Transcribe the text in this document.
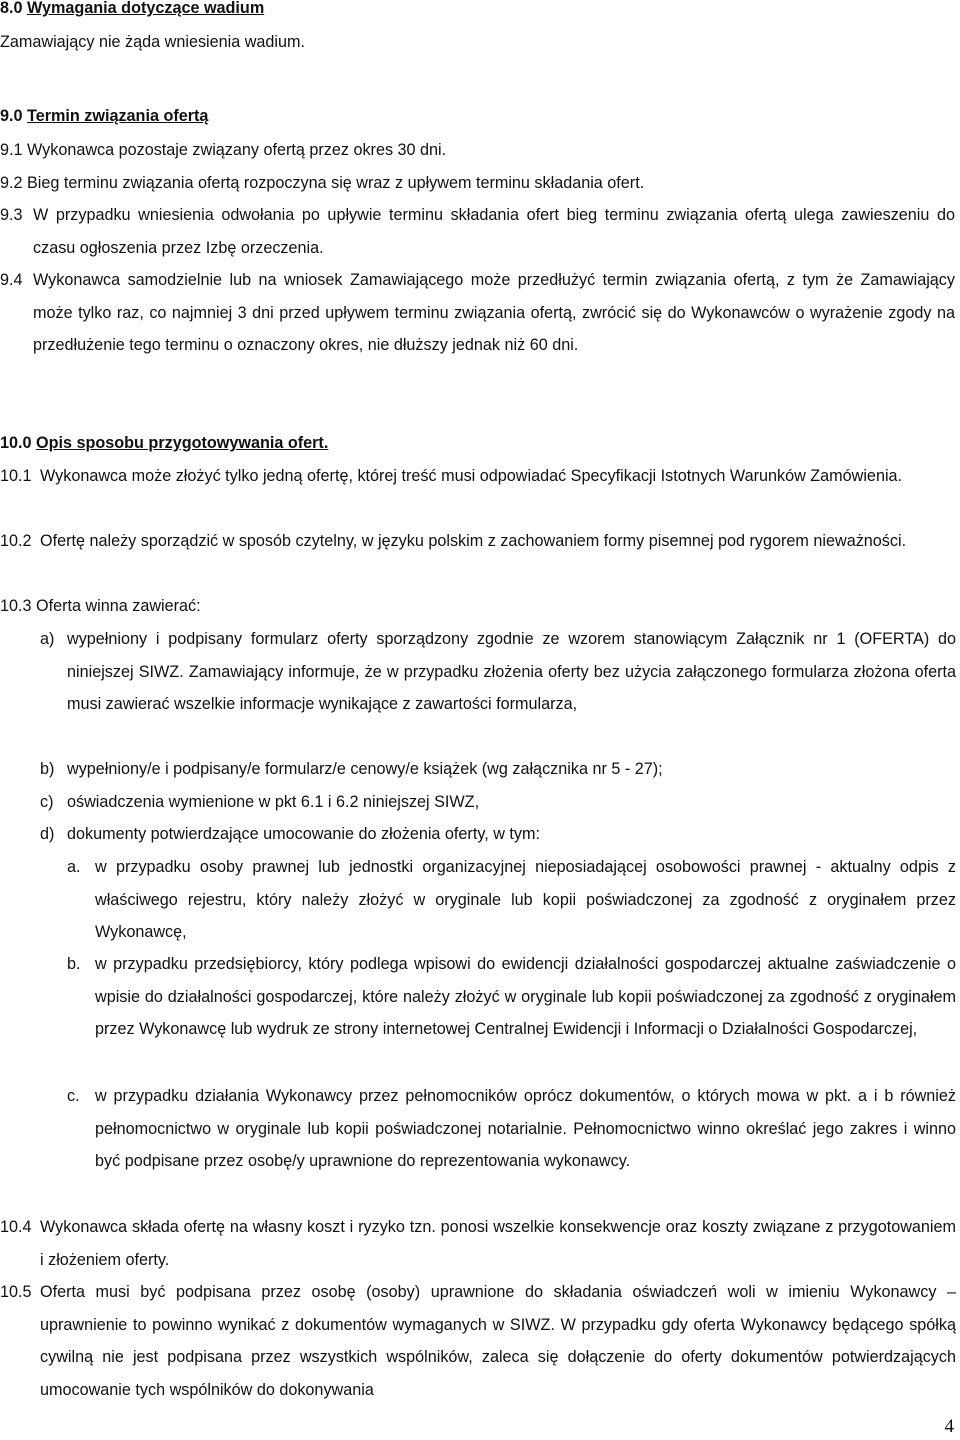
8.0 Wymagania dotyczące wadium
Zamawiający nie żąda wniesienia wadium.
9.0 Termin związania ofertą
9.1 Wykonawca pozostaje związany ofertą przez okres 30 dni.
9.2 Bieg terminu związania ofertą rozpoczyna się wraz z upływem terminu składania ofert.
9.3 W przypadku wniesienia odwołania po upływie terminu składania ofert bieg terminu związania ofertą ulega zawieszeniu do czasu ogłoszenia przez Izbę orzeczenia.
9.4 Wykonawca samodzielnie lub na wniosek Zamawiającego może przedłużyć termin związania ofertą, z tym że Zamawiający może tylko raz, co najmniej 3 dni przed upływem terminu związania ofertą, zwrócić się do Wykonawców o wyrażenie zgody na przedłużenie tego terminu o oznaczony okres, nie dłuższy jednak niż 60 dni.
10.0 Opis sposobu przygotowywania ofert.
10.1 Wykonawca może złożyć tylko jedną ofertę, której treść musi odpowiadać Specyfikacji Istotnych Warunków Zamówienia.
10.2 Ofertę należy sporządzić w sposób czytelny, w języku polskim z zachowaniem formy pisemnej pod rygorem nieważności.
10.3 Oferta winna zawierać:
a) wypełniony i podpisany formularz oferty sporządzony zgodnie ze wzorem stanowiącym Załącznik nr 1 (OFERTA) do niniejszej SIWZ. Zamawiający informuje, że w przypadku złożenia oferty bez użycia załączonego formularza złożona oferta musi zawierać wszelkie informacje wynikające z zawartości formularza,
b) wypełniony/e i podpisany/e formularz/e cenowy/e książek (wg załącznika nr 5 - 27);
c) oświadczenia wymienione w pkt 6.1 i 6.2 niniejszej SIWZ,
d) dokumenty potwierdzające umocowanie do złożenia oferty, w tym:
a. w przypadku osoby prawnej lub jednostki organizacyjnej nieposiadającej osobowości prawnej - aktualny odpis z właściwego rejestru, który należy złożyć w oryginale lub kopii poświadczonej za zgodność z oryginałem przez Wykonawcę,
b. w przypadku przedsiębiorcy, który podlega wpisowi do ewidencji działalności gospodarczej aktualne zaświadczenie o wpisie do działalności gospodarczej, które należy złożyć w oryginale lub kopii poświadczonej za zgodność z oryginałem przez Wykonawcę lub wydruk ze strony internetowej Centralnej Ewidencji i Informacji o Działalności Gospodarczej,
c. w przypadku działania Wykonawcy przez pełnomocników oprócz dokumentów, o których mowa w pkt. a i b również pełnomocnictwo w oryginale lub kopii poświadczonej notarialnie. Pełnomocnictwo winno określać jego zakres i winno być podpisane przez osobę/y uprawnione do reprezentowania wykonawcy.
10.4 Wykonawca składa ofertę na własny koszt i ryzyko tzn. ponosi wszelkie konsekwencje oraz koszty związane z przygotowaniem i złożeniem oferty.
10.5 Oferta musi być podpisana przez osobę (osoby) uprawnione do składania oświadczeń woli w imieniu Wykonawcy – uprawnienie to powinno wynikać z dokumentów wymaganych w SIWZ. W przypadku gdy oferta Wykonawcy będącego spółką cywilną nie jest podpisana przez wszystkich wspólników, zaleca się dołączenie do oferty dokumentów potwierdzających umocowanie tych wspólników do dokonywania
4
